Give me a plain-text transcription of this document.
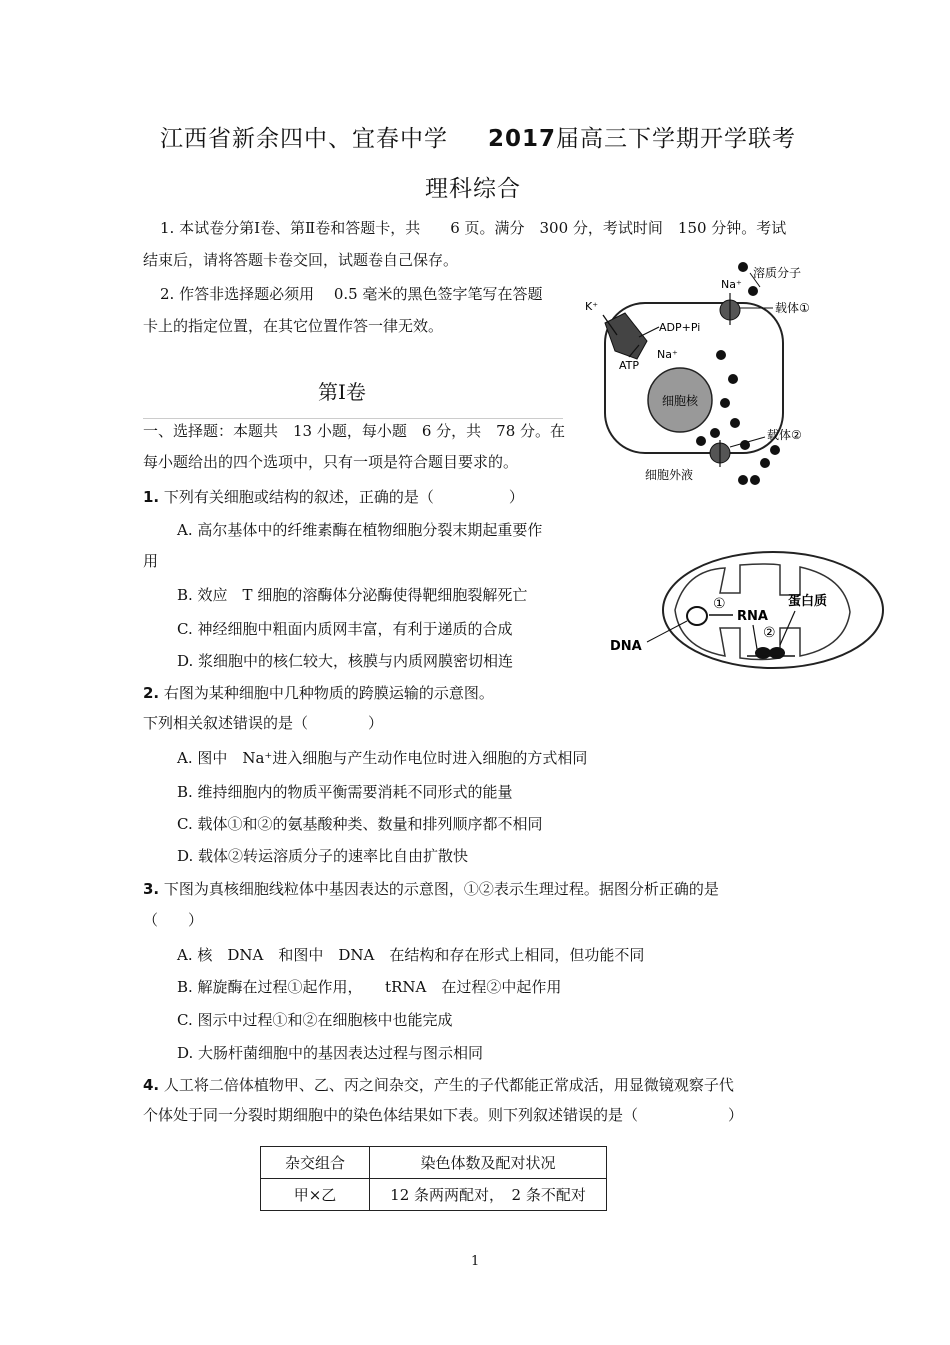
江西省新余四中、宜春中学 2017届高三下学期开学联考
理科综合
1. 本试卷分第Ⅰ卷、第Ⅱ卷和答题卡，共　　6 页。满分　300 分，考试时间　150 分钟。考试
结束后，请将答题卡卷交回，试题卷自己保存。
2. 作答非选择题必须用　 0.5 毫米的黑色签字笔写在答题
卡上的指定位置，在其它位置作答一律无效。
第Ⅰ卷
一、选择题：本题共　13 小题，每小题　6 分，共　78 分。在
每小题给出的四个选项中，只有一项是符合题目要求的。
1. 下列有关细胞或结构的叙述，正确的是（　　　　　）
A. 高尔基体中的纤维素酶在植物细胞分裂末期起重要作
用
B. 效应　T 细胞的溶酶体分泌酶使得靶细胞裂解死亡
C. 神经细胞中粗面内质网丰富，有利于递质的合成
D. 浆细胞中的核仁较大，核膜与内质网膜密切相连
2. 右图为某种细胞中几种物质的跨膜运输的示意图。
下列相关叙述错误的是（　　　　）
A. 图中　Na⁺进入细胞与产生动作电位时进入细胞的方式相同
B. 维持细胞内的物质平衡需要消耗不同形式的能量
C. 载体①和②的氨基酸种类、数量和排列顺序都不相同
D. 载体②转运溶质分子的速率比自由扩散快
3. 下图为真核细胞线粒体中基因表达的示意图，①②表示生理过程。据图分析正确的是
（　　）
A. 核　DNA　和图中　DNA　在结构和存在形式上相同，但功能不同
B. 解旋酶在过程①起作用，　　tRNA　在过程②中起作用
C. 图示中过程①和②在细胞核中也能完成
D. 大肠杆菌细胞中的基因表达过程与图示相同
4. 人工将二倍体植物甲、乙、丙之间杂交，产生的子代都能正常成活，用显微镜观察子代
个体处于同一分裂时期细胞中的染色体结果如下表。则下列叙述错误的是（　　　　　　）
杂交组合	染色体数及配对状况
甲×乙	12 条两两配对，　2 条不配对
1
细胞核
K⁺
ADP+Pi
Na⁺
ATP
Na⁺
载体①
溶质分子
载体②
细胞外液
DNA
①
RNA
②
蛋白质
